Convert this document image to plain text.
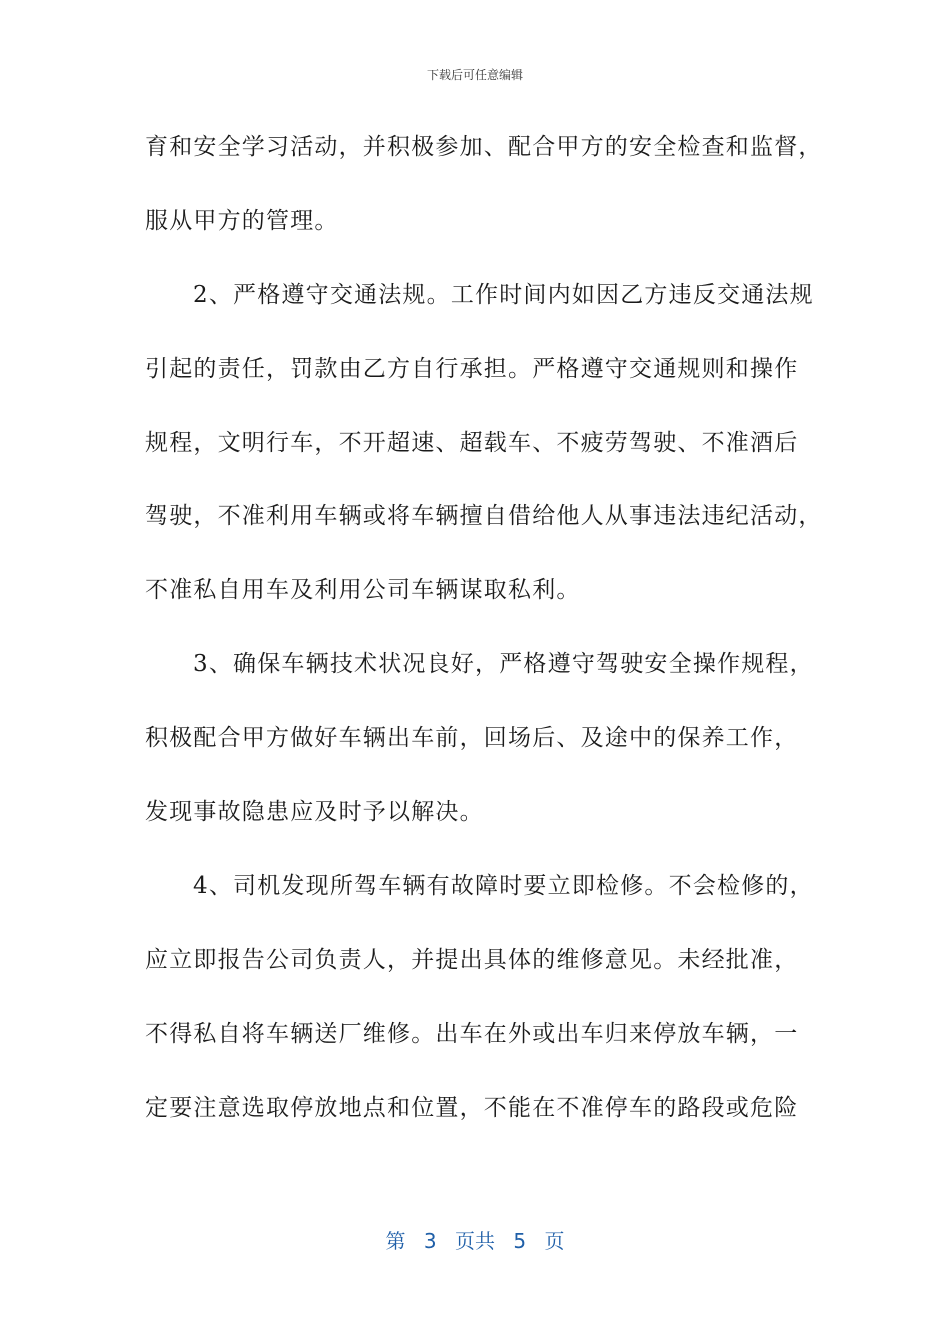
下载后可任意编辑
育和安全学习活动，并积极参加、配合甲方的安全检查和监督，
服从甲方的管理。
2、严格遵守交通法规。工作时间内如因乙方违反交通法规
引起的责任，罚款由乙方自行承担。严格遵守交通规则和操作
规程，文明行车，不开超速、超载车、不疲劳驾驶、不准酒后
驾驶，不准利用车辆或将车辆擅自借给他人从事违法违纪活动，
不准私自用车及利用公司车辆谋取私利。
3、确保车辆技术状况良好，严格遵守驾驶安全操作规程，
积极配合甲方做好车辆出车前，回场后、及途中的保养工作，
发现事故隐患应及时予以解决。
4、司机发现所驾车辆有故障时要立即检修。不会检修的，
应立即报告公司负责人，并提出具体的维修意见。未经批准，
不得私自将车辆送厂维修。出车在外或出车归来停放车辆，一
定要注意选取停放地点和位置，不能在不准停车的路段或危险
第 3 页共 5 页
